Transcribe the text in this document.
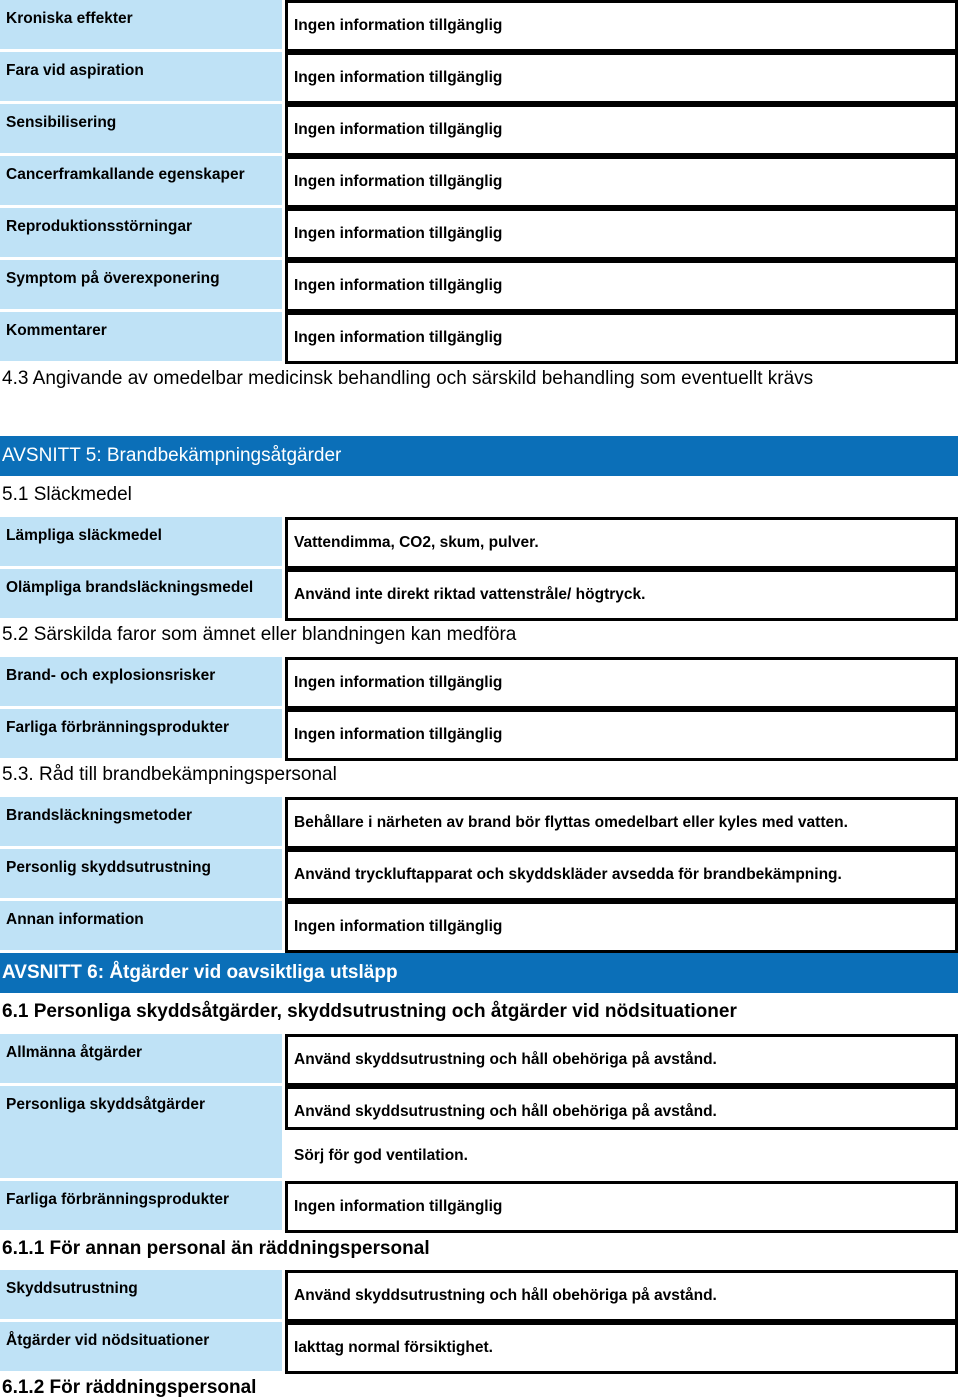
Kroniska effekter	Ingen information tillgänglig
Fara vid aspiration	Ingen information tillgänglig
Sensibilisering	Ingen information tillgänglig
Cancerframkallande egenskaper	Ingen information tillgänglig
Reproduktionsstörningar	Ingen information tillgänglig
Symptom på överexponering	Ingen information tillgänglig
Kommentarer	Ingen information tillgänglig
4.3 Angivande av omedelbar medicinsk behandling och särskild behandling som eventuellt krävs
AVSNITT 5: Brandbekämpningsåtgärder
5.1 Släckmedel
Lämpliga släckmedel	Vattendimma, CO2, skum, pulver.
Olämpliga brandsläckningsmedel	Använd inte direkt riktad vattenstråle/ högtryck.
5.2 Särskilda faror som ämnet eller blandningen kan medföra
Brand- och explosionsrisker	Ingen information tillgänglig
Farliga förbränningsprodukter	Ingen information tillgänglig
5.3. Råd till brandbekämpningspersonal
Brandsläckningsmetoder	Behållare i närheten av brand bör flyttas omedelbart eller kyles med vatten.
Personlig skyddsutrustning	Använd tryckluftapparat och skyddskläder avsedda för brandbekämpning.
Annan information	Ingen information tillgänglig
AVSNITT 6: Åtgärder vid oavsiktliga utsläpp
6.1 Personliga skyddsåtgärder, skyddsutrustning och åtgärder vid nödsituationer
Allmänna åtgärder	Använd skyddsutrustning och håll obehöriga på avstånd.
Personliga skyddsåtgärder	Använd skyddsutrustning och håll obehöriga på avstånd.
Sörj för god ventilation.
Farliga förbränningsprodukter	Ingen information tillgänglig
6.1.1 För annan personal än räddningspersonal
Skyddsutrustning	Använd skyddsutrustning och håll obehöriga på avstånd.
Åtgärder vid nödsituationer	Iakttag normal försiktighet.
6.1.2 För räddningspersonal
